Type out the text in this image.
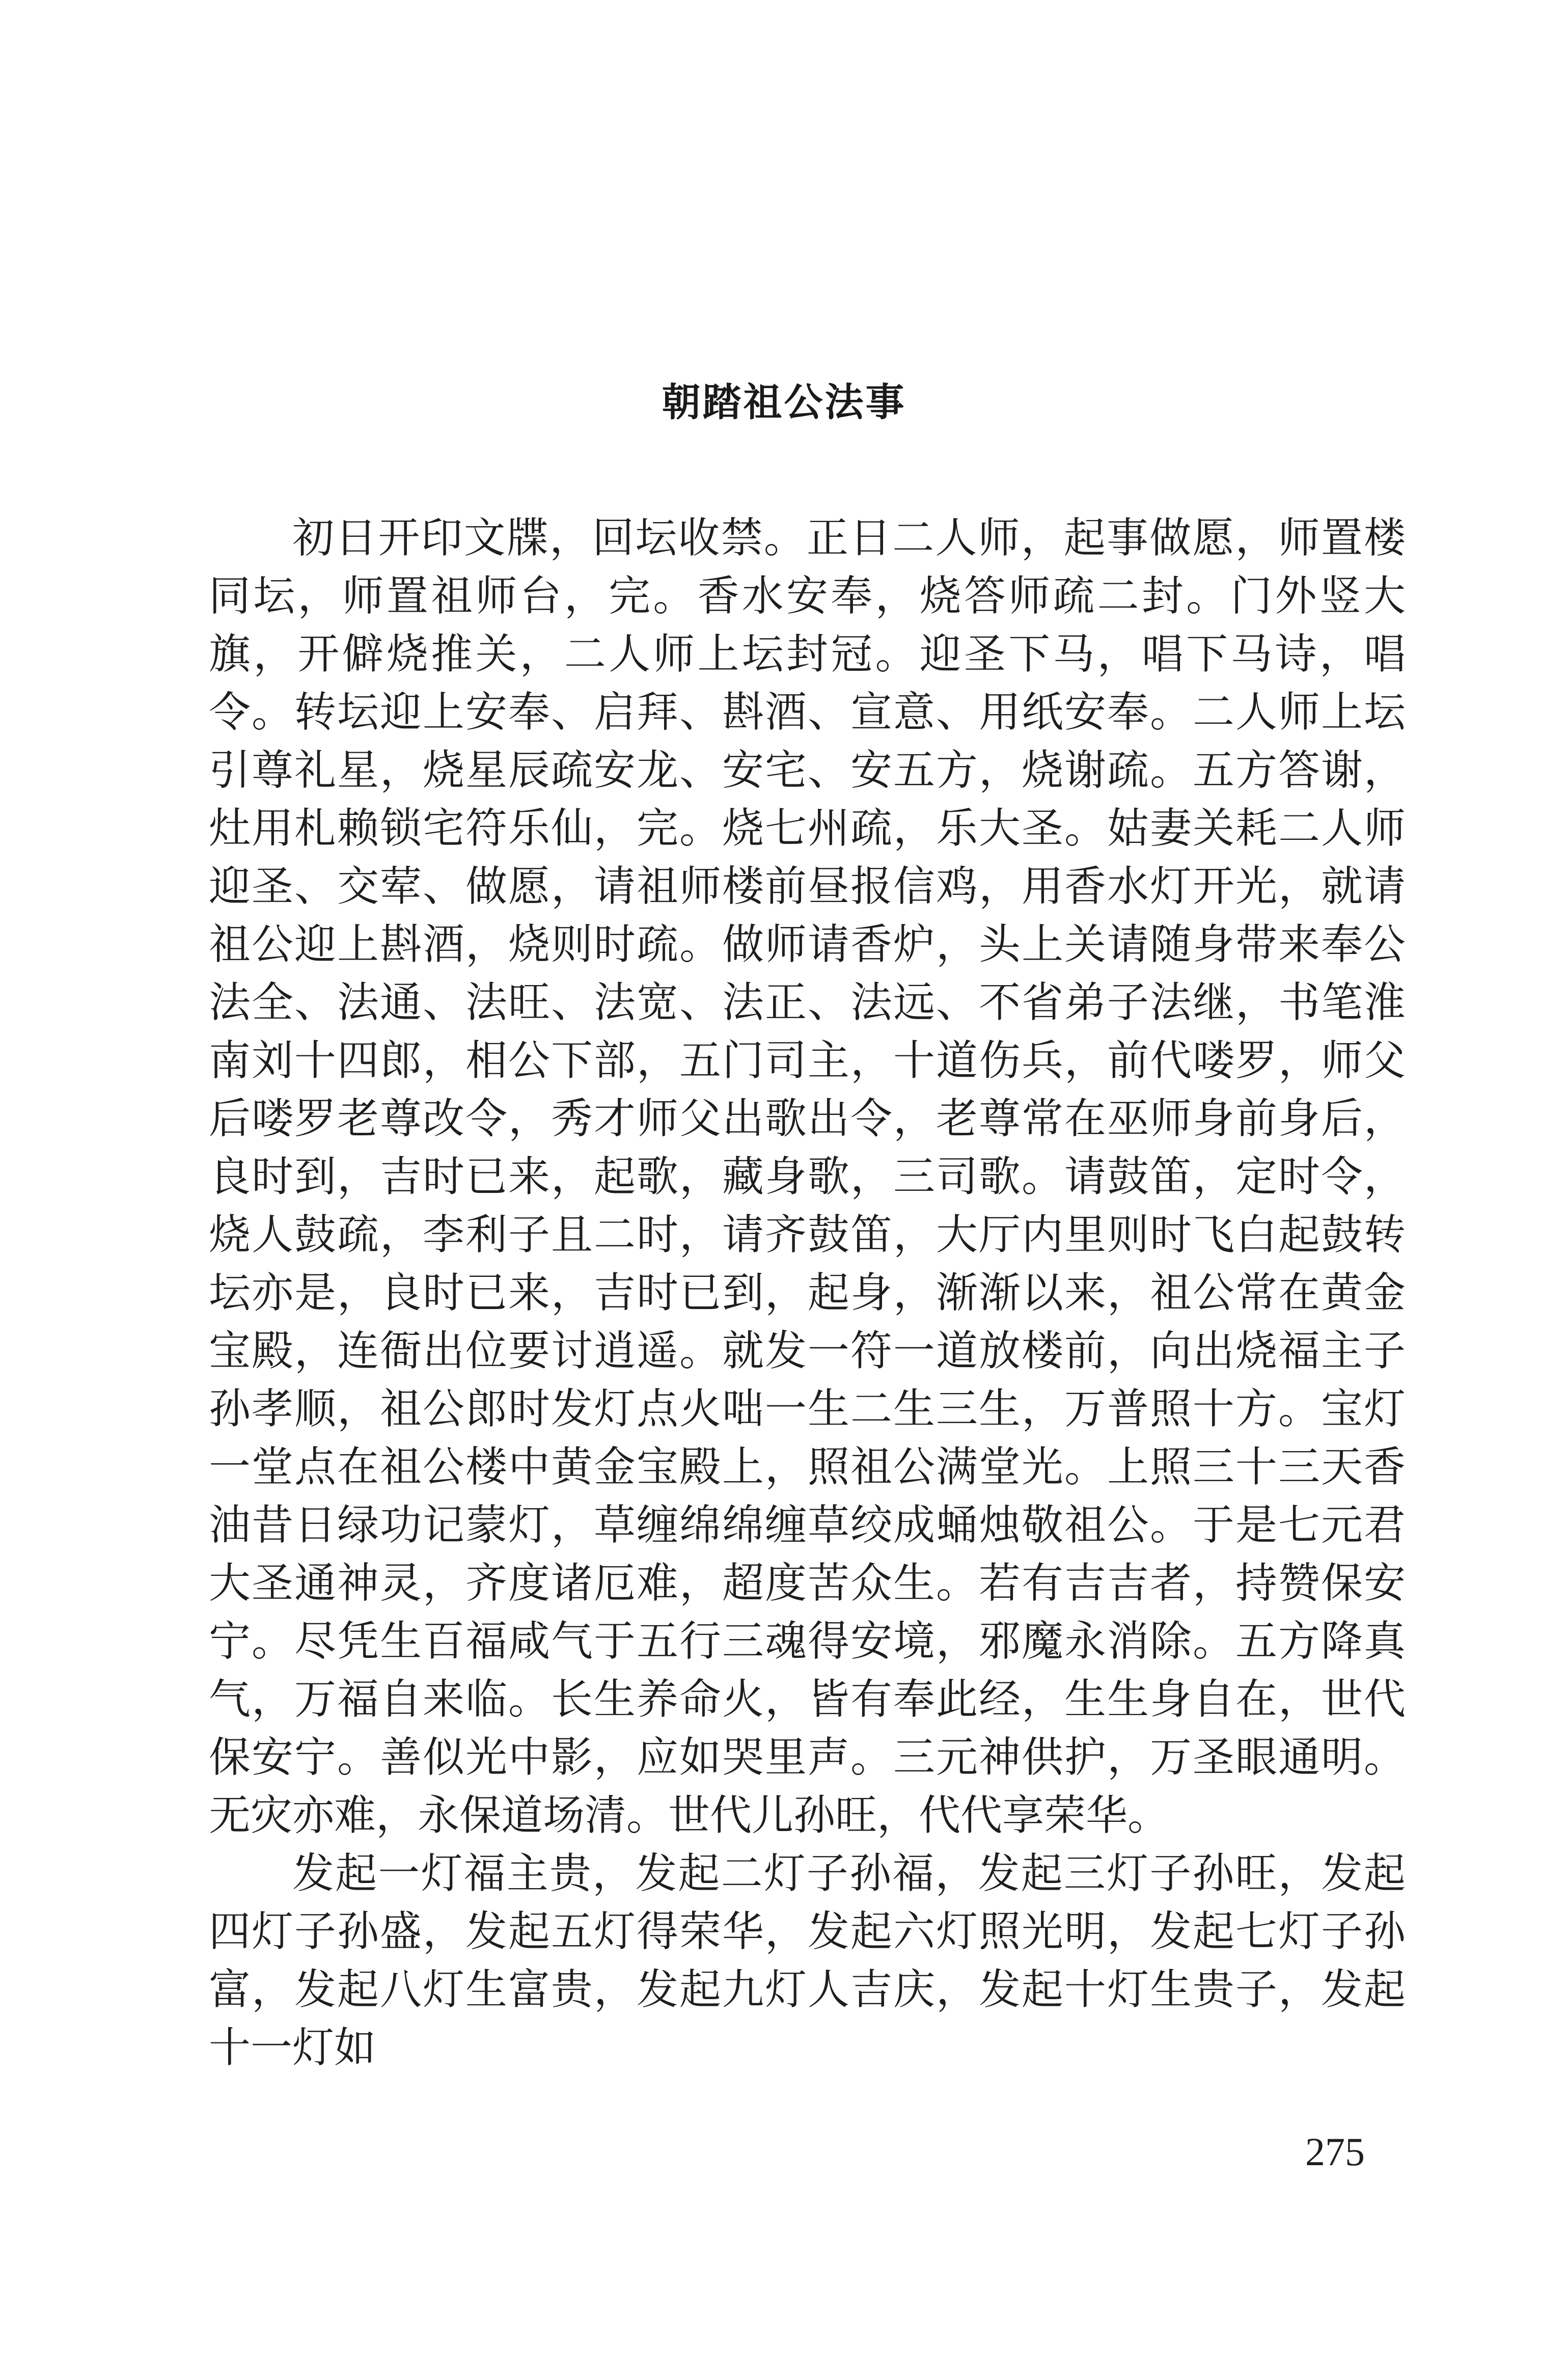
朝踏祖公法事

初日开印文牒，回坛收禁。正日二人师，起事做愿，师置楼同坛，师置祖师台，完。香水安奉，烧答师疏二封。门外竖大旗，开僻烧推关，二人师上坛封冠。迎圣下马，唱下马诗，唱令。转坛迎上安奉、启拜、斟酒、宣意、用纸安奉。二人师上坛引尊礼星，烧星辰疏安龙、安宅、安五方，烧谢疏。五方答谢，灶用札赖锁宅符乐仙，完。烧七州疏，乐大圣。姑妻关耗二人师迎圣、交荤、做愿，请祖师楼前昼报信鸡，用香水灯开光，就请祖公迎上斟酒，烧则时疏。做师请香炉，头上关请随身带来奉公法全、法通、法旺、法宽、法正、法远、不省弟子法继，书笔淮南刘十四郎，相公下部，五门司主，十道伤兵，前代喽罗，师父后喽罗老尊改令，秀才师父出歌出令，老尊常在巫师身前身后，良时到，吉时已来，起歌，藏身歌，三司歌。请鼓笛，定时令，烧人鼓疏，李利子且二时，请齐鼓笛，大厅内里则时飞白起鼓转坛亦是，良时已来，吉时已到，起身，渐渐以来，祖公常在黄金宝殿，连衙出位要讨逍遥。就发一符一道放楼前，向出烧福主子孙孝顺，祖公郎时发灯点火咄一生二生三生，万普照十方。宝灯一堂点在祖公楼中黄金宝殿上，照祖公满堂光。上照三十三天香油昔日绿功记蒙灯，草缠绵绵缠草绞成蛹烛敬祖公。于是七元君大圣通神灵，齐度诸厄难，超度苦众生。若有吉吉者，持赞保安宁。尽凭生百福咸气于五行三魂得安境，邪魔永消除。五方降真气，万福自来临。长生养命火，皆有奉此经，生生身自在，世代保安宁。善似光中影，应如哭里声。三元神供护，万圣眼通明。无灾亦难，永保道场清。世代儿孙旺，代代享荣华。

发起一灯福主贵，发起二灯子孙福，发起三灯子孙旺，发起四灯子孙盛，发起五灯得荣华，发起六灯照光明，发起七灯子孙富，发起八灯生富贵，发起九灯人吉庆，发起十灯生贵子，发起十一灯如

275
